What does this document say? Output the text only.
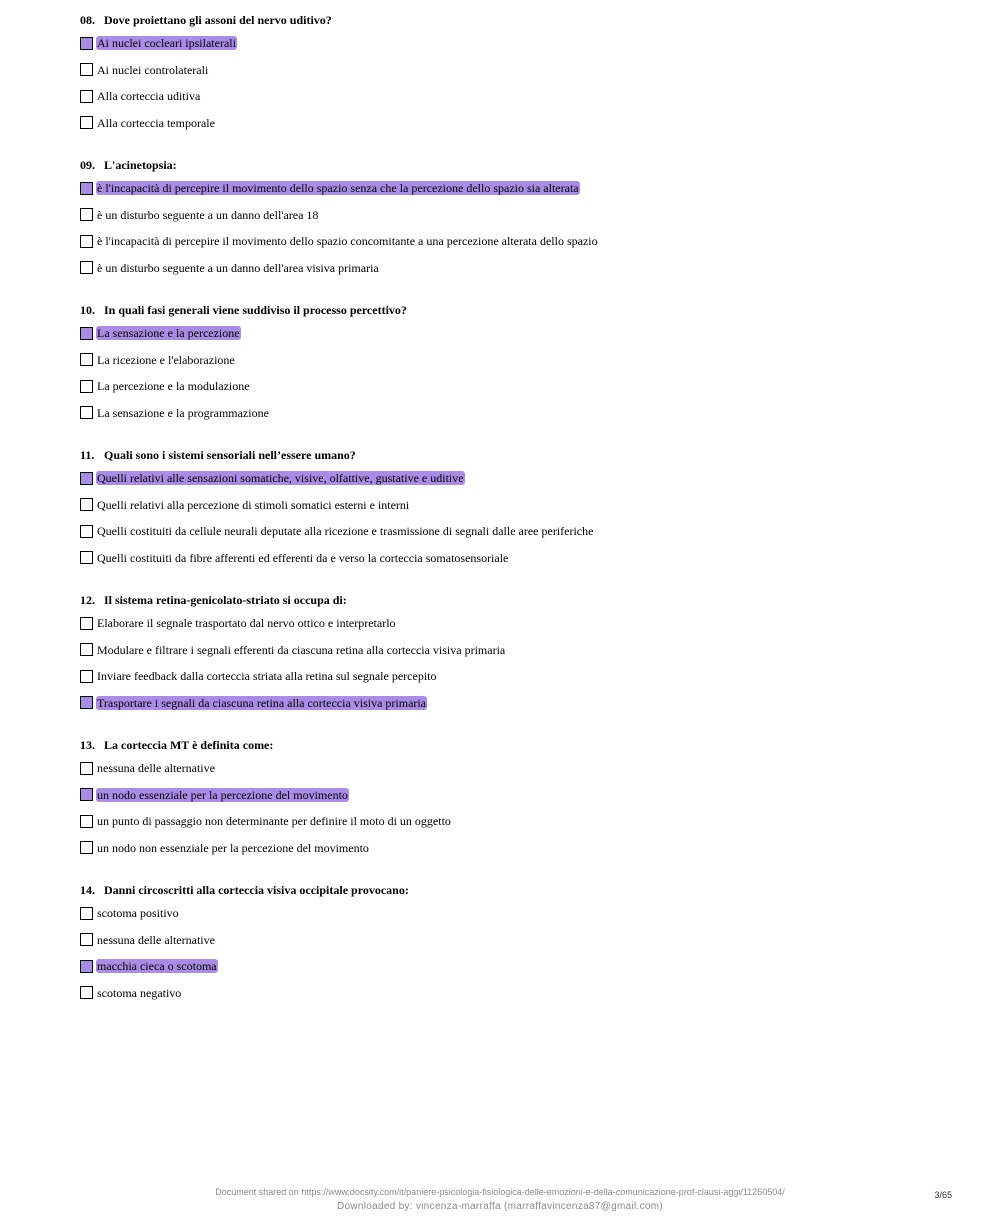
08. Dove proiettano gli assoni del nervo uditivo?
Ai nuclei cocleari ipsilaterali
Ai nuclei controlaterali
Alla corteccia uditiva
Alla corteccia temporale
09. L'acinetopsia:
è l'incapacità di percepire il movimento dello spazio senza che la percezione dello spazio sia alterata
è un disturbo seguente a un danno dell'area 18
è l'incapacità di percepire il movimento dello spazio concomitante a una percezione alterata dello spazio
è un disturbo seguente a un danno dell'area visiva primaria
10. In quali fasi generali viene suddiviso il processo percettivo?
La sensazione e la percezione
La ricezione e l'elaborazione
La percezione e la modulazione
La sensazione e la programmazione
11. Quali sono i sistemi sensoriali nell’essere umano?
Quelli relativi alle sensazioni somatiche, visive, olfattive, gustative e uditive
Quelli relativi alla percezione di stimoli somatici esterni e interni
Quelli costituiti da cellule neurali deputate alla ricezione e trasmissione di segnali dalle aree periferiche
Quelli costituiti da fibre afferenti ed efferenti da e verso la corteccia somatosensoriale
12. Il sistema retina-genicolato-striato si occupa di:
Elaborare il segnale trasportato dal nervo ottico e interpretarlo
Modulare e filtrare i segnali efferenti da ciascuna retina alla corteccia visiva primaria
Inviare feedback dalla corteccia striata alla retina sul segnale percepito
Trasportare i segnali da ciascuna retina alla corteccia visiva primaria
13. La corteccia MT è definita come:
nessuna delle alternative
un nodo essenziale per la percezione del movimento
un punto di passaggio non determinante per definire il moto di un oggetto
un nodo non essenziale per la percezione del movimento
14. Danni circoscritti alla corteccia visiva occipitale provocano:
scotoma positivo
nessuna delle alternative
macchia cieca o scotoma
scotoma negativo
Document shared on https://www.docsity.com/it/paniere-psicologia-fisiologica-delle-emozioni-e-della-comunicazione-prof-clausi-aggi/11260504/
Downloaded by: vincenza-marraffa (marraffavincenza87@gmail.com)
3/65
